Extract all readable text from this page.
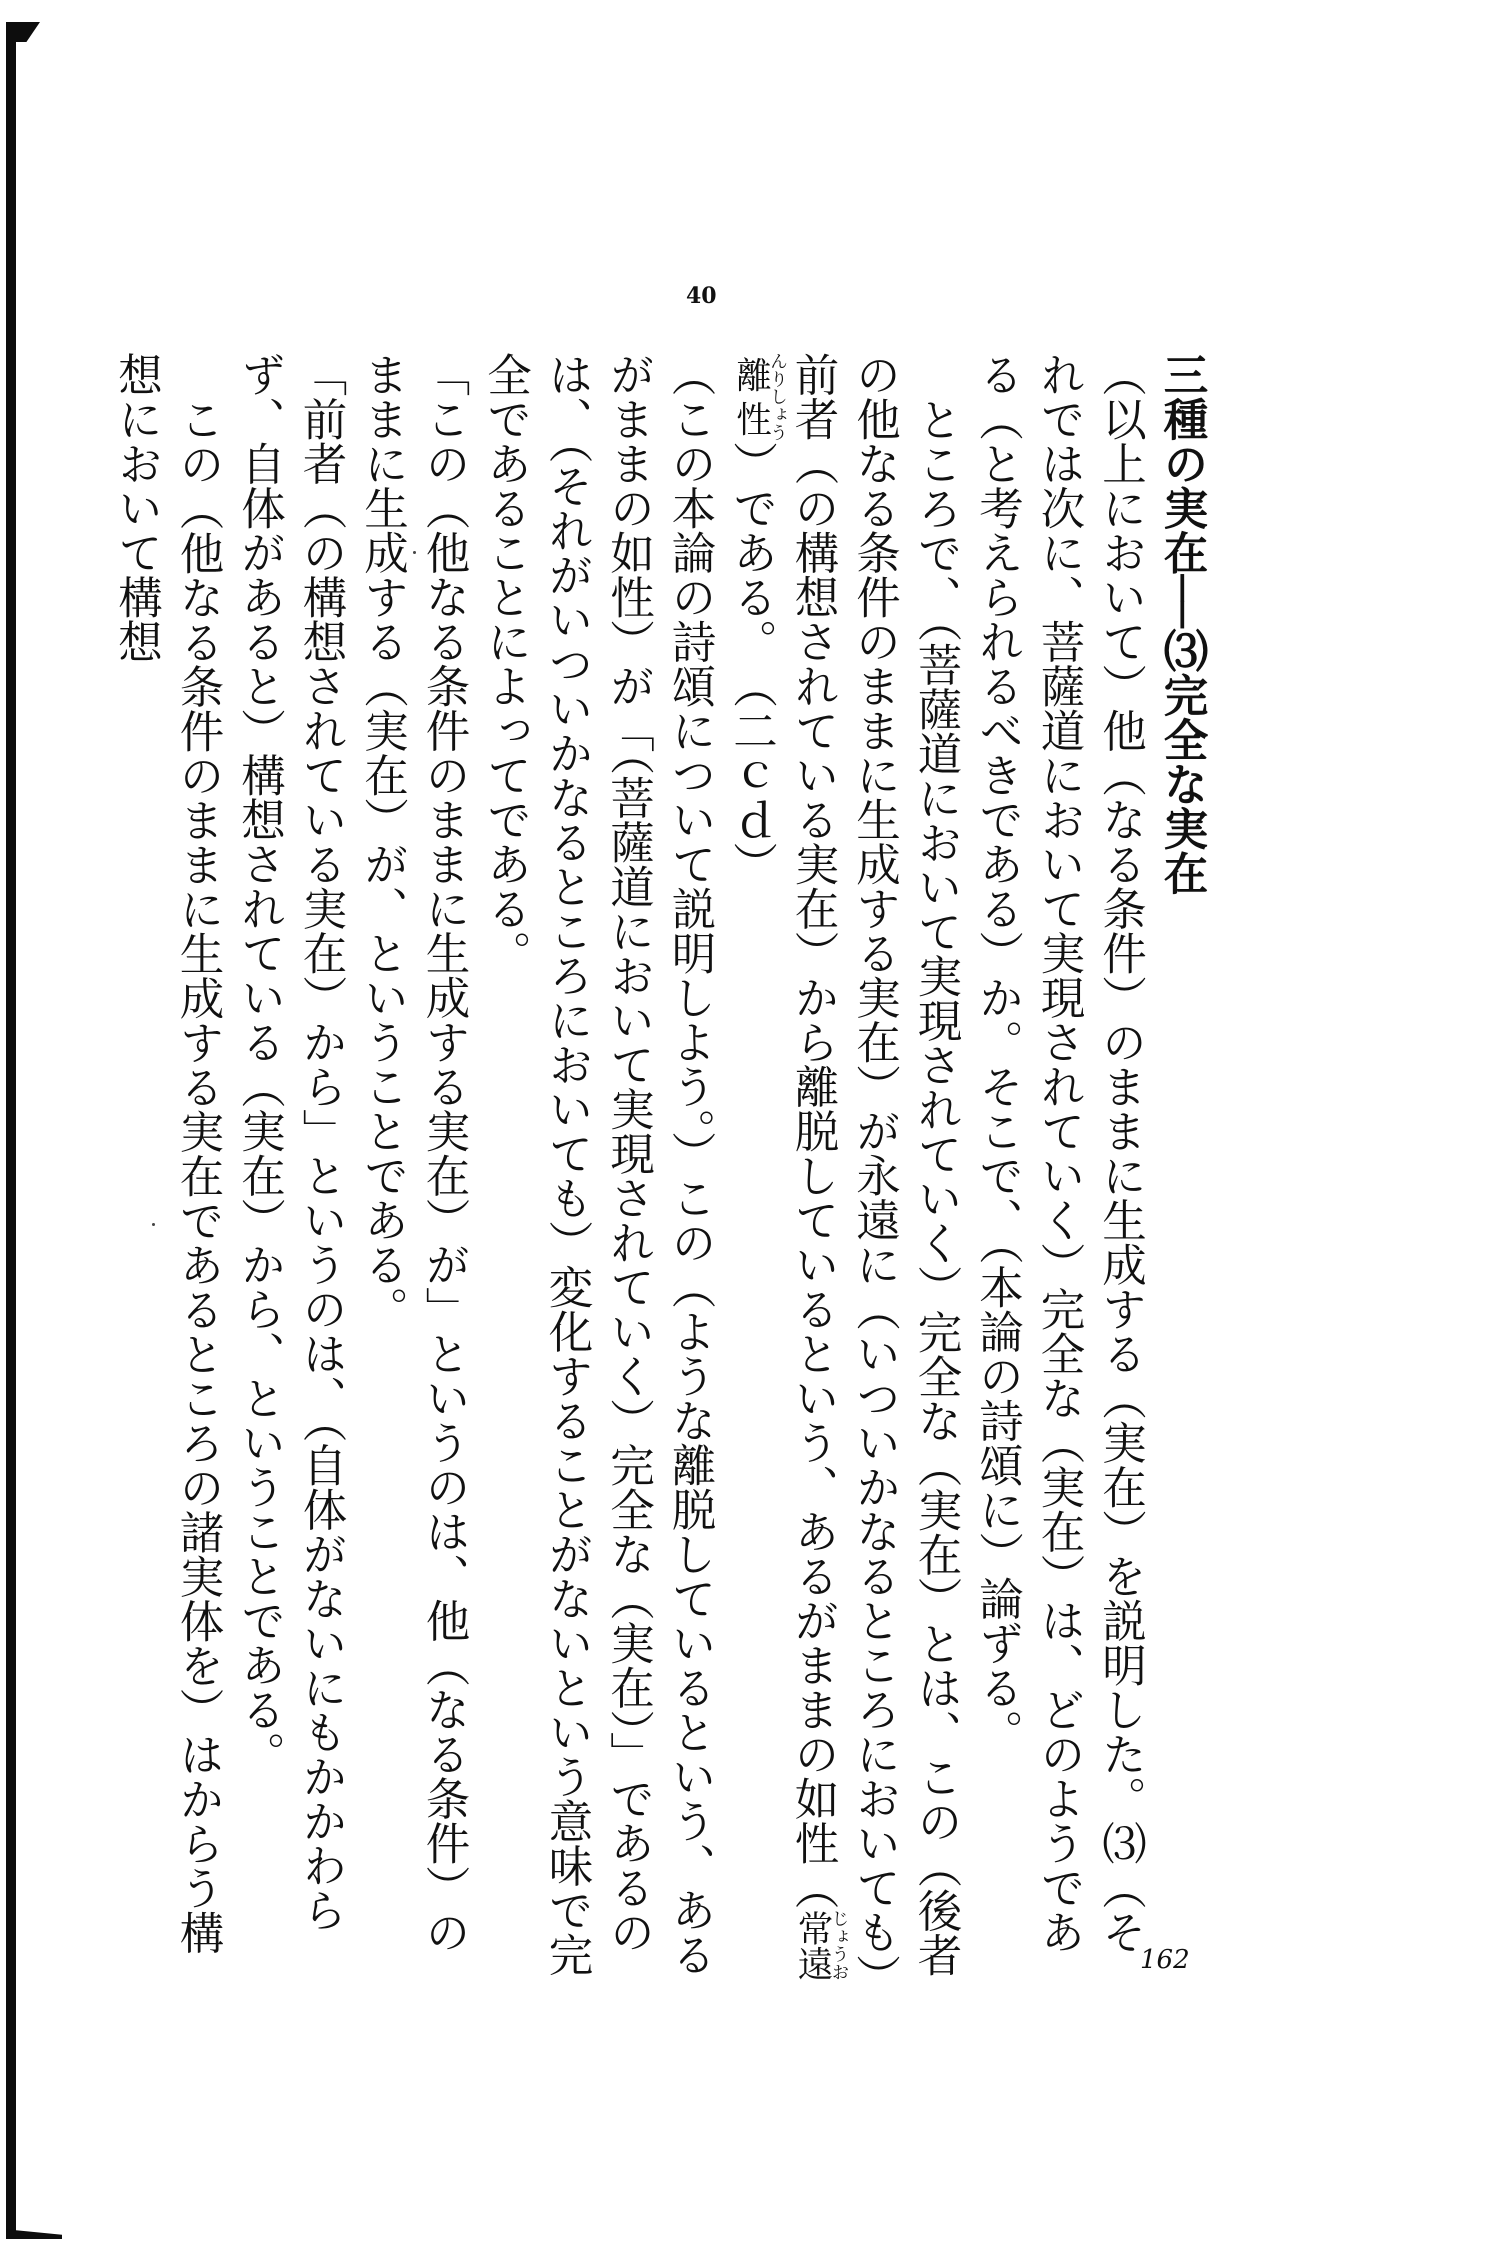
40

三種の実在──⑶完全な実在

（以上において）他（なる条件）のままに生成する（実在）を説明した。⑶（それでは次に、菩薩道において実現されていく）完全な（実在）は、どのようである（と考えられるべきである）か。そこで、（本論の詩頌に）論ずる。

ところで、（菩薩道において実現されていく）完全な（実在）とは、この（後者の他なる条件のままに生成する実在）が永遠に（いついかなるところにおいても）前者（の構想されている実在）から離脱しているという、あるがままの如性（常遠離性じょうおんりしょう）である。　（二ｃｄ）

（この本論の詩頌について説明しよう。）この（ような離脱しているという、あるがままの如性）が「（菩薩道において実現されていく）完全な（実在）」であるのは、（それがいついかなるところにおいても）変化することがないという意味で完全であることによってである。

「この（他なる条件のままに生成する実在）が」というのは、他（なる条件）のままに生成する（実在）が、ということである。

「前者（の構想されている実在）から」というのは、（自体がないにもかかわらず、自体があると）構想されている（実在）から、ということである。

この（他なる条件のままに生成する実在であるところの諸実体を）はからう構想において構想

162
